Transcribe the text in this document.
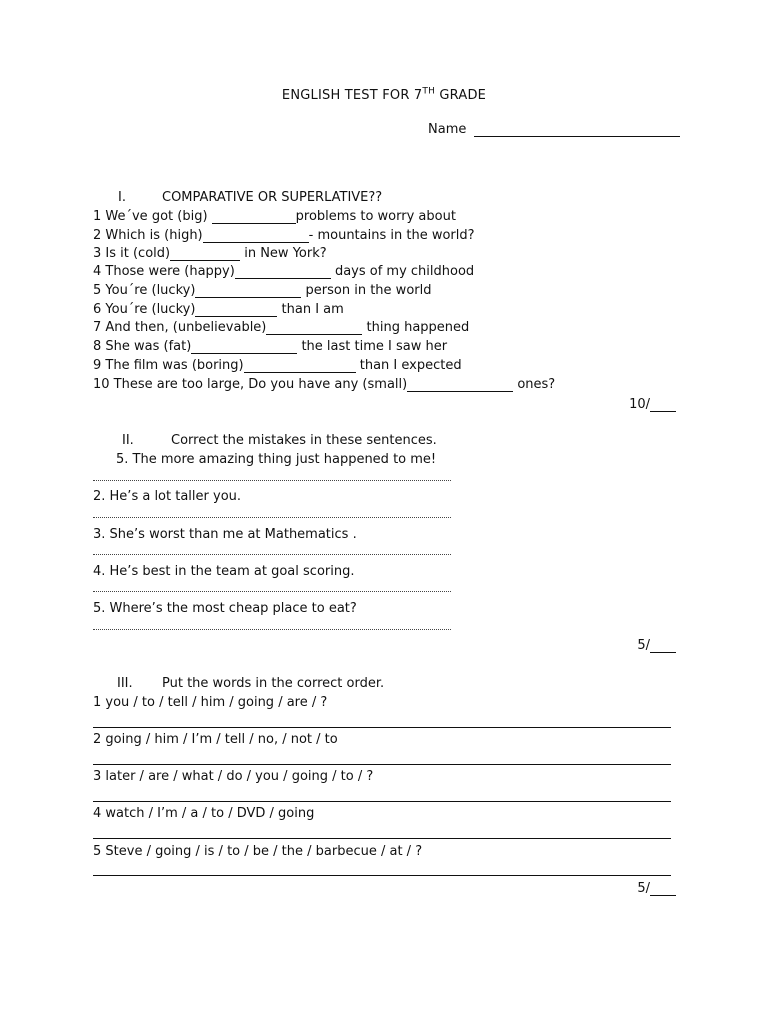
ENGLISH TEST FOR 7TH GRADE
Name
I.	COMPARATIVE OR SUPERLATIVE??
1 We´ve got (big)	problems to worry about
2 Which is (high)	- mountains in the world?
3 Is it (cold)	in New York?
4 Those were (happy)	days of my childhood
5 You´re (lucky)	person in the world
6 You´re (lucky)	than I am
7 And then, (unbelievable)	thing happened
8 She was (fat)	the last time I saw her
9 The film was (boring)	than I expected
10 These are too large, Do you have any (small)	ones?
10/
II.	Correct the mistakes in these sentences.
5. The more amazing thing just happened to me!
2. He’s a lot taller you.
3. She’s worst than me at Mathematics .
4. He’s best in the team at goal scoring.
5. Where’s the most cheap place to eat?
5/
III. Put the words in the correct order.
1 you / to / tell / him / going / are / ?
2 going / him / I’m / tell / no, / not / to
3 later / are / what / do / you / going / to / ?
4 watch / I’m / a / to / DVD / going
5 Steve / going / is / to / be / the / barbecue / at / ?
5/
